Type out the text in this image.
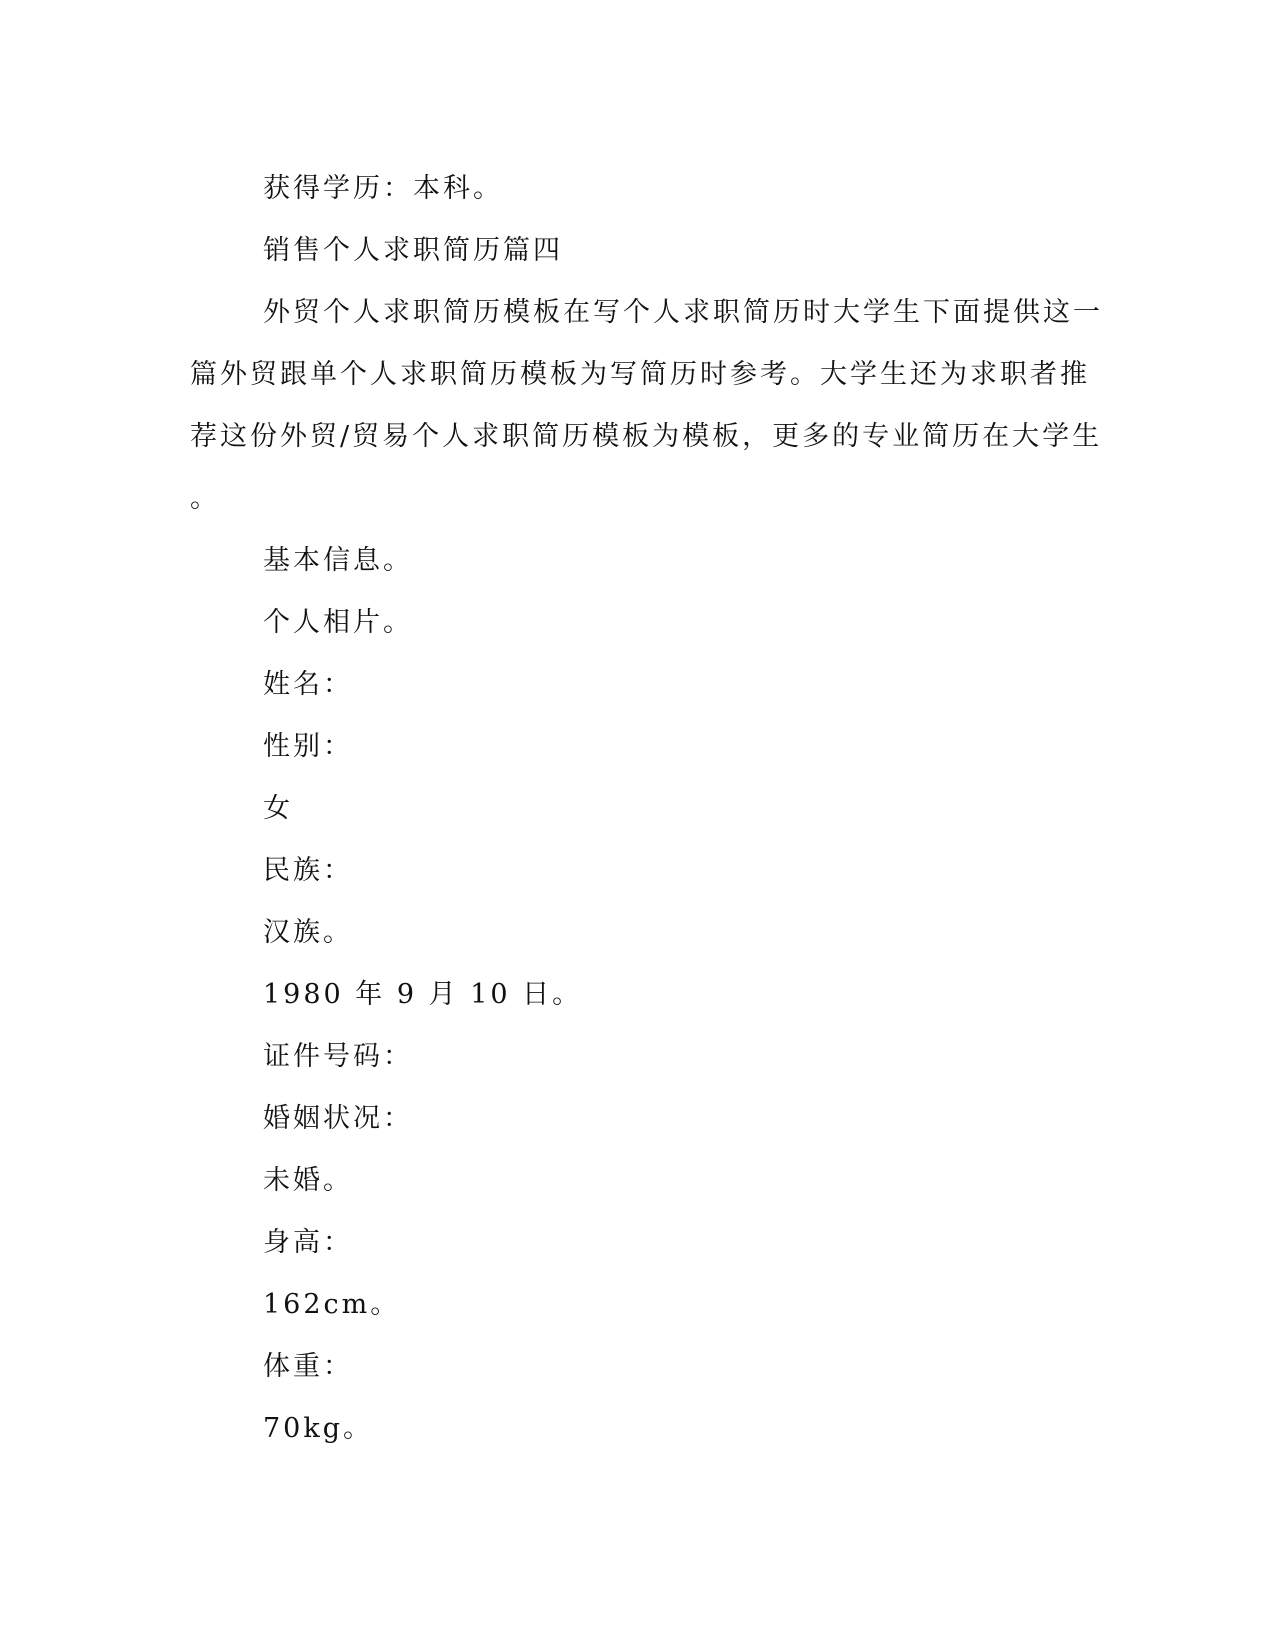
获得学历：本科。
销售个人求职简历篇四
外贸个人求职简历模板在写个人求职简历时大学生下面提供这一
篇外贸跟单个人求职简历模板为写简历时参考。大学生还为求职者推
荐这份外贸/贸易个人求职简历模板为模板，更多的专业简历在大学生
。
基本信息。
个人相片。
姓名：
性别：
女
民族：
汉族。
1980 年 9 月 10 日。
证件号码：
婚姻状况：
未婚。
身高：
162cm。
体重：
70kg。
